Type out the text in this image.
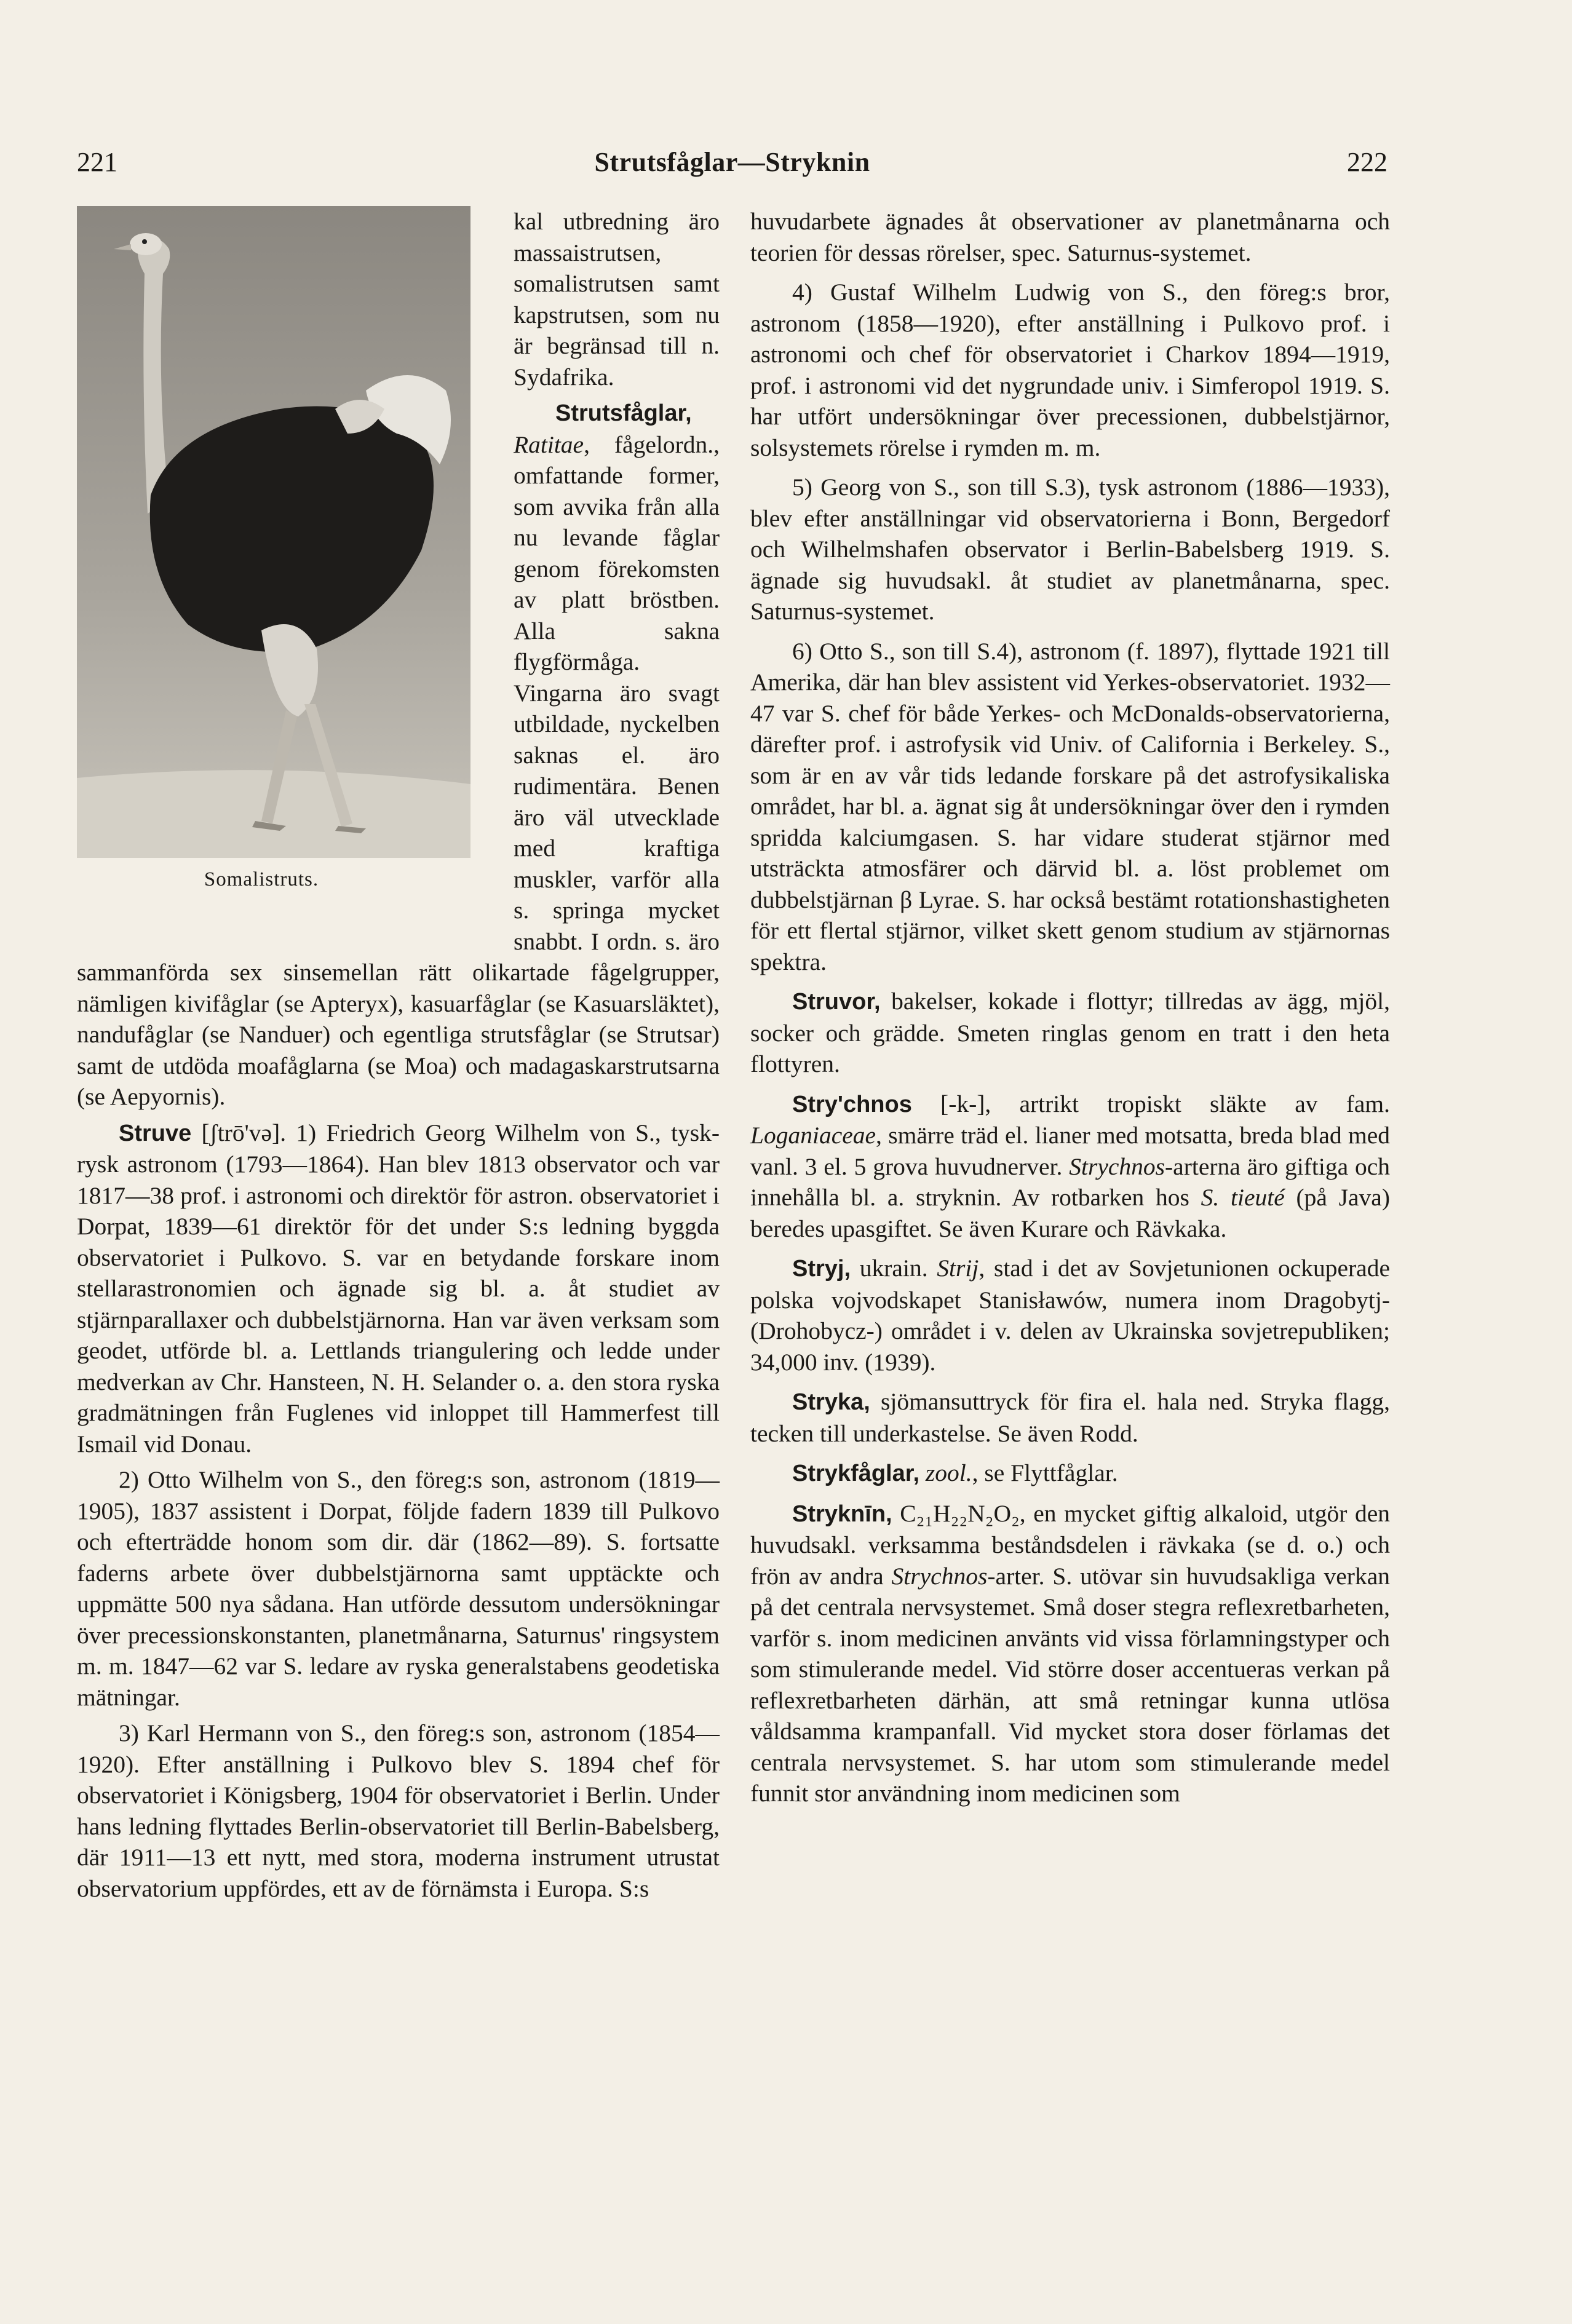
221	Strutsfåglar—Stryknin	222
Somalistruts.

kal utbredning äro massaistrutsen, somalistrutsen samt kapstrutsen, som nu är begränsad till n. Sydafrika.

Strutsfåglar, Ratitae, fågelordn., omfattande former, som avvika från alla nu levande fåglar genom förekomsten av platt bröstben. Alla sakna flygförmåga. Vingarna äro svagt utbildade, nyckelben saknas el. äro rudimentära. Benen äro väl utvecklade med kraftiga muskler, varför alla s. springa mycket snabbt. I ordn. s. äro sammanförda sex sinsemellan rätt olikartade fågelgrupper, nämligen kivifåglar (se Apteryx), kasuarfåglar (se Kasuarsläktet), nandufåglar (se Nanduer) och egentliga strutsfåglar (se Strutsar) samt de utdöda moafåglarna (se Moa) och madagaskarstrutsarna (se Aepyornis).

Struve [ʃtrō'və]. 1) Friedrich Georg Wilhelm von S., tysk-rysk astronom (1793—1864). Han blev 1813 observator och var 1817—38 prof. i astronomi och direktör för astron. observatoriet i Dorpat, 1839—61 direktör för det under S:s ledning byggda observatoriet i Pulkovo. S. var en betydande forskare inom stellarastronomien och ägnade sig bl. a. åt studiet av stjärnparallaxer och dubbelstjärnorna. Han var även verksam som geodet, utförde bl. a. Lettlands triangulering och ledde under medverkan av Chr. Hansteen, N. H. Selander o. a. den stora ryska gradmätningen från Fuglenes vid inloppet till Hammerfest till Ismail vid Donau.

2) Otto Wilhelm von S., den föreg:s son, astronom (1819—1905), 1837 assistent i Dorpat, följde fadern 1839 till Pulkovo och efterträdde honom som dir. där (1862—89). S. fortsatte faderns arbete över dubbelstjärnorna samt upptäckte och uppmätte 500 nya sådana. Han utförde dessutom undersökningar över precessionskonstanten, planetmånarna, Saturnus' ringsystem m. m. 1847—62 var S. ledare av ryska generalstabens geodetiska mätningar.

3) Karl Hermann von S., den föreg:s son, astronom (1854—1920). Efter anställning i Pulkovo blev S. 1894 chef för observatoriet i Königsberg, 1904 för observatoriet i Berlin. Under hans ledning flyttades Berlin-observatoriet till Berlin-Babelsberg, där 1911—13 ett nytt, med stora, moderna instrument utrustat observatorium uppfördes, ett av de förnämsta i Europa. S:s

huvudarbete ägnades åt observationer av planetmånarna och teorien för dessas rörelser, spec. Saturnus-systemet.

4) Gustaf Wilhelm Ludwig von S., den föreg:s bror, astronom (1858—1920), efter anställning i Pulkovo prof. i astronomi och chef för observatoriet i Charkov 1894—1919, prof. i astronomi vid det nygrundade univ. i Simferopol 1919. S. har utfört undersökningar över precessionen, dubbelstjärnor, solsystemets rörelse i rymden m. m.

5) Georg von S., son till S.3), tysk astronom (1886—1933), blev efter anställningar vid observatorierna i Bonn, Bergedorf och Wilhelmshafen observator i Berlin-Babelsberg 1919. S. ägnade sig huvudsakl. åt studiet av planetmånarna, spec. Saturnus-systemet.

6) Otto S., son till S.4), astronom (f. 1897), flyttade 1921 till Amerika, där han blev assistent vid Yerkes-observatoriet. 1932—47 var S. chef för både Yerkes- och McDonalds-observatorierna, därefter prof. i astrofysik vid Univ. of California i Berkeley. S., som är en av vår tids ledande forskare på det astrofysikaliska området, har bl. a. ägnat sig åt undersökningar över den i rymden spridda kalciumgasen. S. har vidare studerat stjärnor med utsträckta atmosfärer och därvid bl. a. löst problemet om dubbelstjärnan β Lyrae. S. har också bestämt rotationshastigheten för ett flertal stjärnor, vilket skett genom studium av stjärnornas spektra.

Struvor, bakelser, kokade i flottyr; tillredas av ägg, mjöl, socker och grädde. Smeten ringlas genom en tratt i den heta flottyren.

Stry'chnos [-k-], artrikt tropiskt släkte av fam. Loganiaceae, smärre träd el. lianer med motsatta, breda blad med vanl. 3 el. 5 grova huvudnerver. Strychnos-arterna äro giftiga och innehålla bl. a. stryknin. Av rotbarken hos S. tieuté (på Java) beredes upasgiftet. Se även Kurare och Rävkaka.

Stryj, ukrain. Strij, stad i det av Sovjetunionen ockuperade polska vojvodskapet Stanisławów, numera inom Dragobytj-(Drohobycz-) området i v. delen av Ukrainska sovjetrepubliken; 34,000 inv. (1939).

Stryka, sjömansuttryck för fira el. hala ned. Stryka flagg, tecken till underkastelse. Se även Rodd.

Strykfåglar, zool., se Flyttfåglar.

Stryknīn, C₂₁H₂₂N₂O₂, en mycket giftig alkaloid, utgör den huvudsakl. verksamma beståndsdelen i rävkaka (se d. o.) och frön av andra Strychnos-arter. S. utövar sin huvudsakliga verkan på det centrala nervsystemet. Små doser stegra reflexretbarheten, varför s. inom medicinen använts vid vissa förlamningstyper och som stimulerande medel. Vid större doser accentueras verkan på reflexretbarheten därhän, att små retningar kunna utlösa våldsamma krampanfall. Vid mycket stora doser förlamas det centrala nervsystemet. S. har utom som stimulerande medel funnit stor användning inom medicinen som
